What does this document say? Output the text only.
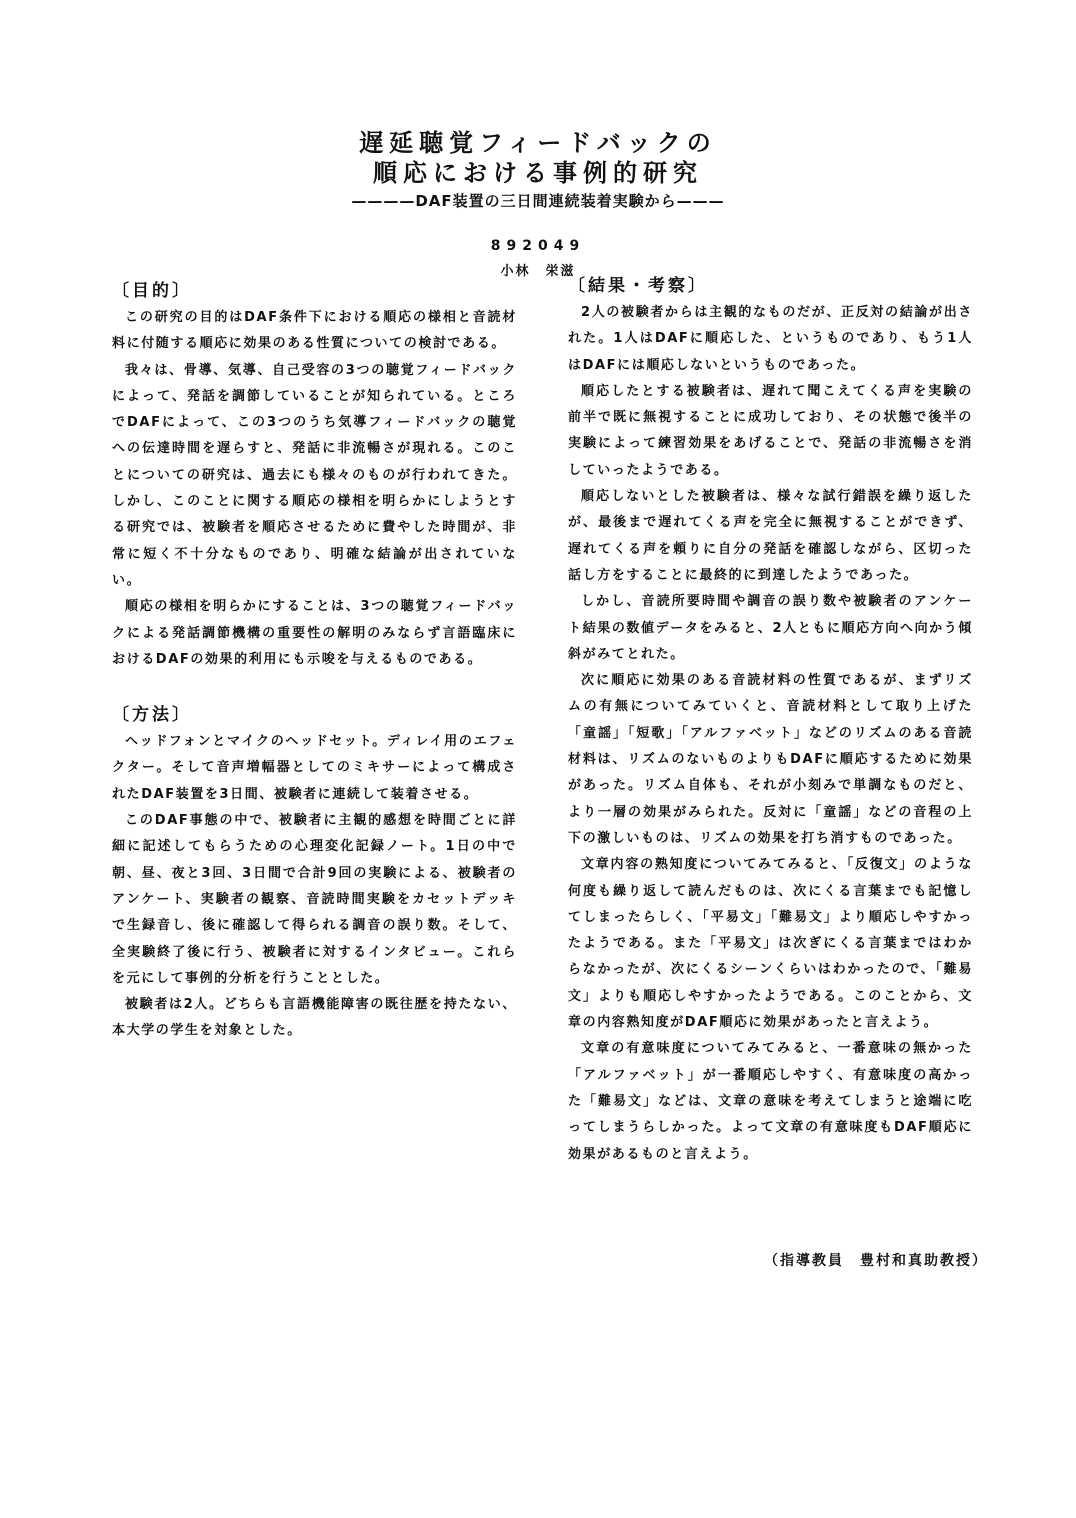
遅延聴覚フィードバックの
順応における事例的研究
————DAF装置の三日間連続装着実験から———
892049
小林　栄滋
〔目的〕

この研究の目的はDAF条件下における順応の様相と音読材料に付随する順応に効果のある性質についての検討である。

我々は、骨導、気導、自己受容の3つの聴覚フィードバックによって、発話を調節していることが知られている。ところでDAFによって、この3つのうち気導フィードバックの聴覚への伝達時間を遅らすと、発話に非流暢さが現れる。このことについての研究は、過去にも様々のものが行われてきた。しかし、このことに関する順応の様相を明らかにしようとする研究では、被験者を順応させるために費やした時間が、非常に短く不十分なものであり、明確な結論が出されていない。

順応の様相を明らかにすることは、3つの聴覚フィードバックによる発話調節機構の重要性の解明のみならず言語臨床におけるDAFの効果的利用にも示唆を与えるものである。

〔方法〕

ヘッドフォンとマイクのヘッドセット。ディレイ用のエフェクター。そして音声増幅器としてのミキサーによって構成されたDAF装置を3日間、被験者に連続して装着させる。

このDAF事態の中で、被験者に主観的感想を時間ごとに詳細に記述してもらうための心理変化記録ノート。1日の中で朝、昼、夜と3回、3日間で合計9回の実験による、被験者のアンケート、実験者の観察、音読時間実験をカセットデッキで生録音し、後に確認して得られる調音の誤り数。そして、全実験終了後に行う、被験者に対するインタビュー。これらを元にして事例的分析を行うこととした。

被験者は2人。どちらも言語機能障害の既往歴を持たない、本大学の学生を対象とした。

〔結果・考察〕

2人の被験者からは主観的なものだが、正反対の結論が出された。1人はDAFに順応した、というものであり、もう1人はDAFには順応しないというものであった。

順応したとする被験者は、遅れて聞こえてくる声を実験の前半で既に無視することに成功しており、その状態で後半の実験によって練習効果をあげることで、発話の非流暢さを消していったようである。

順応しないとした被験者は、様々な試行錯誤を繰り返したが、最後まで遅れてくる声を完全に無視することができず、遅れてくる声を頼りに自分の発話を確認しながら、区切った話し方をすることに最終的に到達したようであった。

しかし、音読所要時間や調音の誤り数や被験者のアンケート結果の数値データをみると、2人ともに順応方向へ向かう傾斜がみてとれた。

次に順応に効果のある音読材料の性質であるが、まずリズムの有無についてみていくと、音読材料として取り上げた「童謡」「短歌」「アルファベット」などのリズムのある音読材料は、リズムのないものよりもDAFに順応するために効果があった。リズム自体も、それが小刻みで単調なものだと、より一層の効果がみられた。反対に「童謡」などの音程の上下の激しいものは、リズムの効果を打ち消すものであった。

文章内容の熟知度についてみてみると、「反復文」のような何度も繰り返して読んだものは、次にくる言葉までも記憶してしまったらしく、「平易文」「難易文」より順応しやすかったようである。また「平易文」は次ぎにくる言葉まではわからなかったが、次にくるシーンくらいはわかったので、「難易文」よりも順応しやすかったようである。このことから、文章の内容熟知度がDAF順応に効果があったと言えよう。

文章の有意味度についてみてみると、一番意味の無かった「アルファベット」が一番順応しやすく、有意味度の高かった「難易文」などは、文章の意味を考えてしまうと途端に吃ってしまうらしかった。よって文章の有意味度もDAF順応に効果があるものと言えよう。

（指導教員　豊村和真助教授）
